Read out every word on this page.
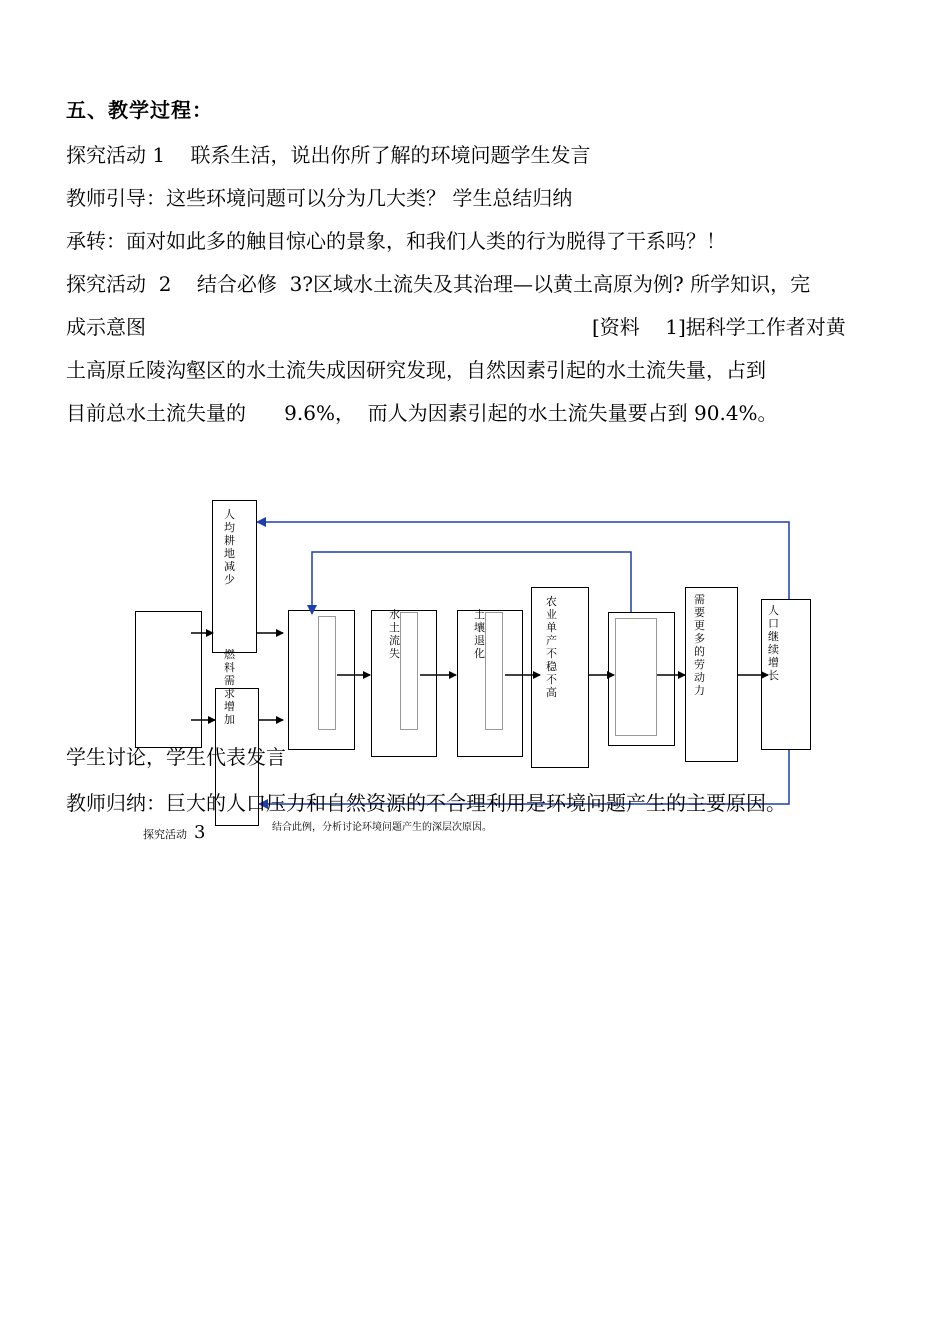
五、教学过程：
探究活动 1    联系生活，说出你所了解的环境问题学生发言
教师引导：这些环境问题可以分为几大类？ 学生总结归纳
承转：面对如此多的触目惊心的景象，和我们人类的行为脱得了干系吗？！
探究活动  2    结合必修  3?区域水土流失及其治理—以黄土高原为例? 所学知识，完
成示意图	[资料    1]据科学工作者对黄
土高原丘陵沟壑区的水土流失成因研究发现，自然因素引起的水土流失量，占到
目前总水土流失量的      9.6%，  而人为因素引起的水土流失量要占到 90.4%。
人均耕地减少
燃料需求增加
水土流失
土壤退化
农业单产不稳不高
需要更多的劳动力
人口继续增长
学生讨论，学生代表发言
教师归纳：巨大的人口压力和自然资源的不合理利用是环境问题产生的主要原因。
探究活动 3	结合此例，分析讨论环境问题产生的深层次原因。
